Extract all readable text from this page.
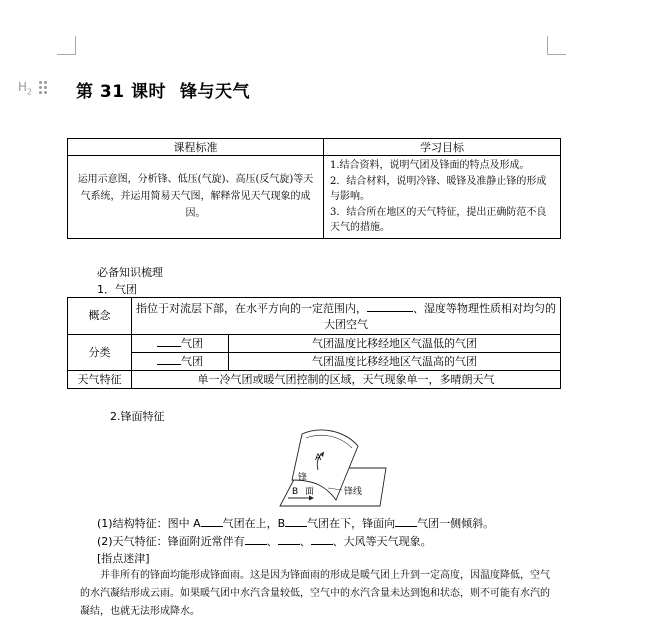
$H_2$	第 31 课时 锋与天气
课程标准	学习目标
运用示意图，分析锋、低压(气旋)、高压(反气旋)等天气系统，并运用简易天气图，解释常见天气现象的成因。	1.结合资料，说明气团及锋面的特点及形成。
2．结合材料，说明冷锋、暖锋及准静止锋的形成与影响。
3．结合所在地区的天气特征，提出正确防范不良天气的措施。
必备知识梳理
1．气团
概念	指位于对流层下部，在水平方向的一定范围内， 、湿度等物理性质相对均匀的大团空气	
分类	气团	气团温度比移经地区气温低的气团
	气团	气团温度比移经地区气温高的气团
天气特征	单一冷气团或暖气团控制的区域，天气现象单一，多晴朗天气	
2.锋面特征
A
锋
B 面	锋线
(1)结构特征：图中 A 气团在上，B 气团在下，锋面向 气团一侧倾斜。
(2)天气特征：锋面附近常伴有 、 、 、大风等天气现象。
[指点迷津]
并非所有的锋面均能形成锋面雨。这是因为锋面雨的形成是暖气团上升到一定高度，因温度降低，空气的水汽凝结形成云雨。如果暖气团中水汽含量较低，空气中的水汽含量未达到饱和状态，则不可能有水汽的凝结，也就无法形成降水。
